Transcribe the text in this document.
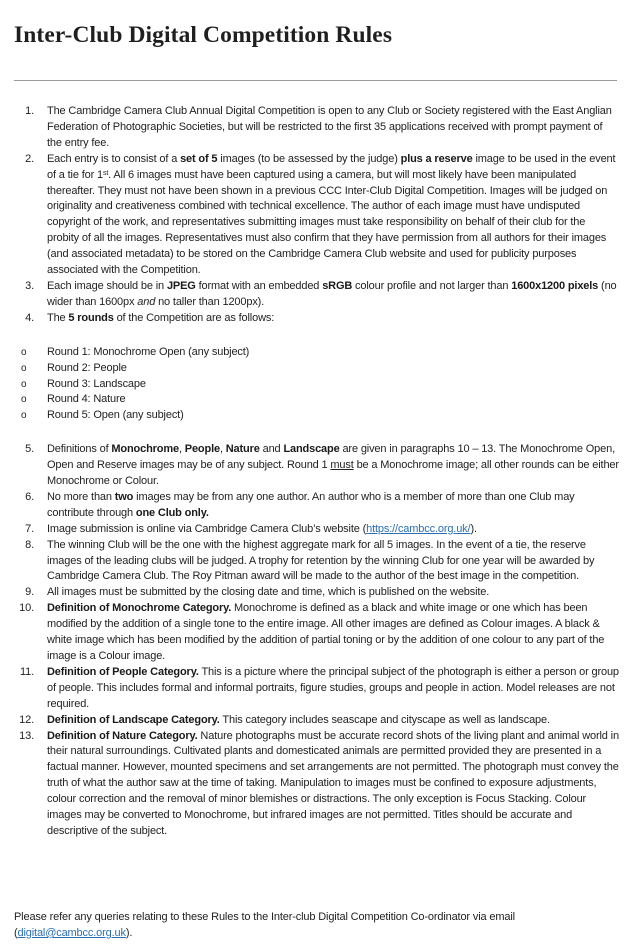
Inter-Club Digital Competition Rules
1. The Cambridge Camera Club Annual Digital Competition is open to any Club or Society registered with the East Anglian Federation of Photographic Societies, but will be restricted to the first 35 applications received with prompt payment of the entry fee.
2. Each entry is to consist of a set of 5 images (to be assessed by the judge) plus a reserve image to be used in the event of a tie for 1st. All 6 images must have been captured using a camera, but will most likely have been manipulated thereafter. They must not have been shown in a previous CCC Inter-Club Digital Competition. Images will be judged on originality and creativeness combined with technical excellence. The author of each image must have undisputed copyright of the work, and representatives submitting images must take responsibility on behalf of their club for the probity of all the images. Representatives must also confirm that they have permission from all authors for their images (and associated metadata) to be stored on the Cambridge Camera Club website and used for publicity purposes associated with the Competition.
3. Each image should be in JPEG format with an embedded sRGB colour profile and not larger than 1600x1200 pixels (no wider than 1600px and no taller than 1200px).
4. The 5 rounds of the Competition are as follows:
o Round 1: Monochrome Open (any subject)
o Round 2: People
o Round 3: Landscape
o Round 4: Nature
o Round 5: Open (any subject)
5. Definitions of Monochrome, People, Nature and Landscape are given in paragraphs 10 – 13. The Monochrome Open, Open and Reserve images may be of any subject. Round 1 must be a Monochrome image; all other rounds can be either Monochrome or Colour.
6. No more than two images may be from any one author. An author who is a member of more than one Club may contribute through one Club only.
7. Image submission is online via Cambridge Camera Club’s website (https://cambcc.org.uk/).
8. The winning Club will be the one with the highest aggregate mark for all 5 images. In the event of a tie, the reserve images of the leading clubs will be judged. A trophy for retention by the winning Club for one year will be awarded by Cambridge Camera Club. The Roy Pitman award will be made to the author of the best image in the competition.
9. All images must be submitted by the closing date and time, which is published on the website.
10. Definition of Monochrome Category. Monochrome is defined as a black and white image or one which has been modified by the addition of a single tone to the entire image. All other images are defined as Colour images. A black & white image which has been modified by the addition of partial toning or by the addition of one colour to any part of the image is a Colour image.
11. Definition of People Category. This is a picture where the principal subject of the photograph is either a person or group of people. This includes formal and informal portraits, figure studies, groups and people in action. Model releases are not required.
12. Definition of Landscape Category. This category includes seascape and cityscape as well as landscape.
13. Definition of Nature Category. Nature photographs must be accurate record shots of the living plant and animal world in their natural surroundings. Cultivated plants and domesticated animals are permitted provided they are presented in a factual manner. However, mounted specimens and set arrangements are not permitted. The photograph must convey the truth of what the author saw at the time of taking. Manipulation to images must be confined to exposure adjustments, colour correction and the removal of minor blemishes or distractions. The only exception is Focus Stacking. Colour images may be converted to Monochrome, but infrared images are not permitted. Titles should be accurate and descriptive of the subject.
Please refer any queries relating to these Rules to the Inter-club Digital Competition Co-ordinator via email (digital@cambcc.org.uk).
